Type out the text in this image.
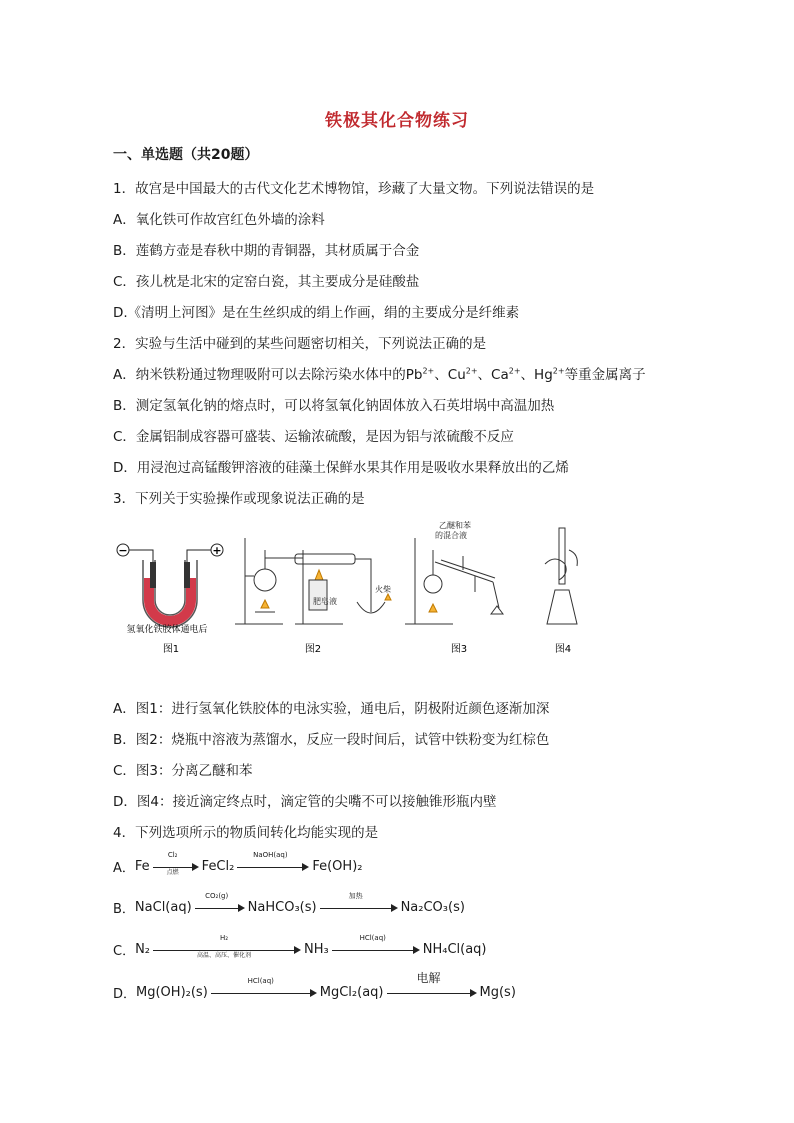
铁极其化合物练习
一、单选题（共20题）
1．故宫是中国最大的古代文化艺术博物馆，珍藏了大量文物。下列说法错误的是
A．氧化铁可作故宫红色外墙的涂料
B．莲鹤方壶是春秋中期的青铜器，其材质属于合金
C．孩儿枕是北宋的定窑白瓷，其主要成分是硅酸盐
D.《清明上河图》是在生丝织成的绢上作画，绢的主要成分是纤维素
2．实验与生活中碰到的某些问题密切相关，下列说法正确的是
A．纳米铁粉通过物理吸附可以去除污染水体中的$Pb^{2+}$、$Cu^{2+}$、$Ca^{2+}$、$Hg^{2+}$等重金属离子
B．测定氢氧化钠的熔点时，可以将氢氧化钠固体放入石英坩埚中高温加热
C．金属铝制成容器可盛装、运输浓硫酸，是因为铝与浓硫酸不反应
D．用浸泡过高锰酸钾溶液的硅藻土保鲜水果其作用是吸收水果释放出的乙烯
3．下列关于实验操作或现象说法正确的是
−	+
氢氧化铁胶体通电后
肥皂液
火柴
乙醚和苯
的混合液
图1	图2	图3	图4
A．图1：进行氢氧化铁胶体的电泳实验，通电后，阴极附近颜色逐渐加深
B．图2：烧瓶中溶液为蒸馏水，反应一段时间后，试管中铁粉变为红棕色
C．图3：分离乙醚和苯
D．图4：接近滴定终点时，滴定管的尖嘴不可以接触锥形瓶内壁
4．下列选项所示的物质间转化均能实现的是
A． Fe
Cl₂
点燃	FeCl₂
NaOH(aq)
Fe(OH)₂
B． NaCl(aq)
CO₂(g)
NaHCO₃(s)
加热
Na₂CO₃(s)
C． N₂
H₂
高温、高压、催化剂	NH₃
HCl(aq)
NH₄Cl(aq)
D． Mg(OH)₂(s)
HCl(aq)
MgCl₂(aq)
电解
Mg(s)
